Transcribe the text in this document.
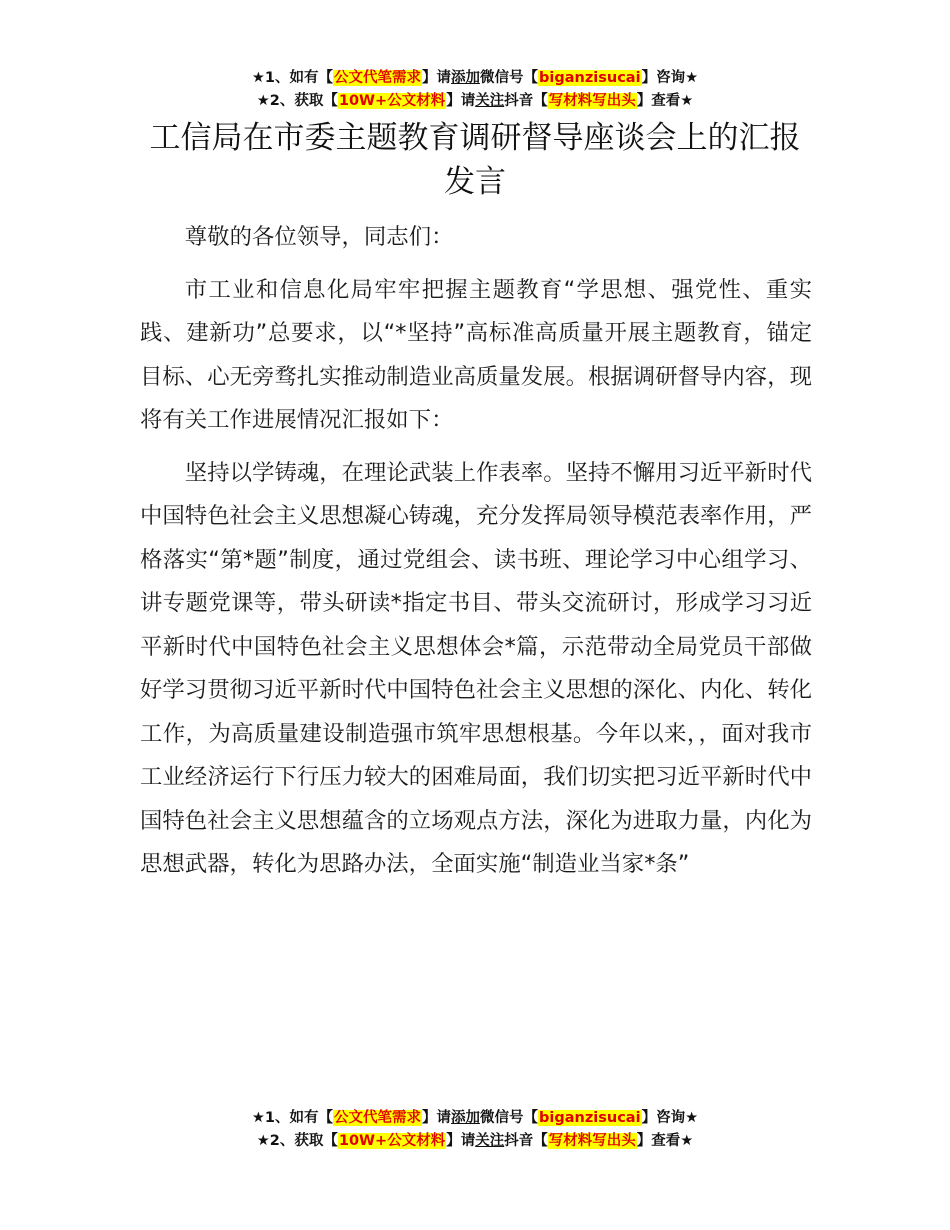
★1、如有【公文代笔需求】请添加微信号【biganzisucai】咨询★
★2、获取【10W+公文材料】请关注抖音【写材料写出头】查看★
工信局在市委主题教育调研督导座谈会上的汇报发言

尊敬的各位领导，同志们：

市工业和信息化局牢牢把握主题教育“学思想、强党性、重实践、建新功”总要求，以“*坚持”高标准高质量开展主题教育，锚定目标、心无旁骛扎实推动制造业高质量发展。根据调研督导内容，现将有关工作进展情况汇报如下：

坚持以学铸魂，在理论武装上作表率。坚持不懈用习近平新时代中国特色社会主义思想凝心铸魂，充分发挥局领导模范表率作用，严格落实“第*题”制度，通过党组会、读书班、理论学习中心组学习、讲专题党课等，带头研读*指定书目、带头交流研讨，形成学习习近平新时代中国特色社会主义思想体会*篇，示范带动全局党员干部做好学习贯彻习近平新时代中国特色社会主义思想的深化、内化、转化工作，为高质量建设制造强市筑牢思想根基。今年以来，，面对我市工业经济运行下行压力较大的困难局面，我们切实把习近平新时代中国特色社会主义思想蕴含的立场观点方法，深化为进取力量，内化为思想武器，转化为思路办法，全面实施“制造业当家*条”

★1、如有【公文代笔需求】请添加微信号【biganzisucai】咨询★
★2、获取【10W+公文材料】请关注抖音【写材料写出头】查看★
